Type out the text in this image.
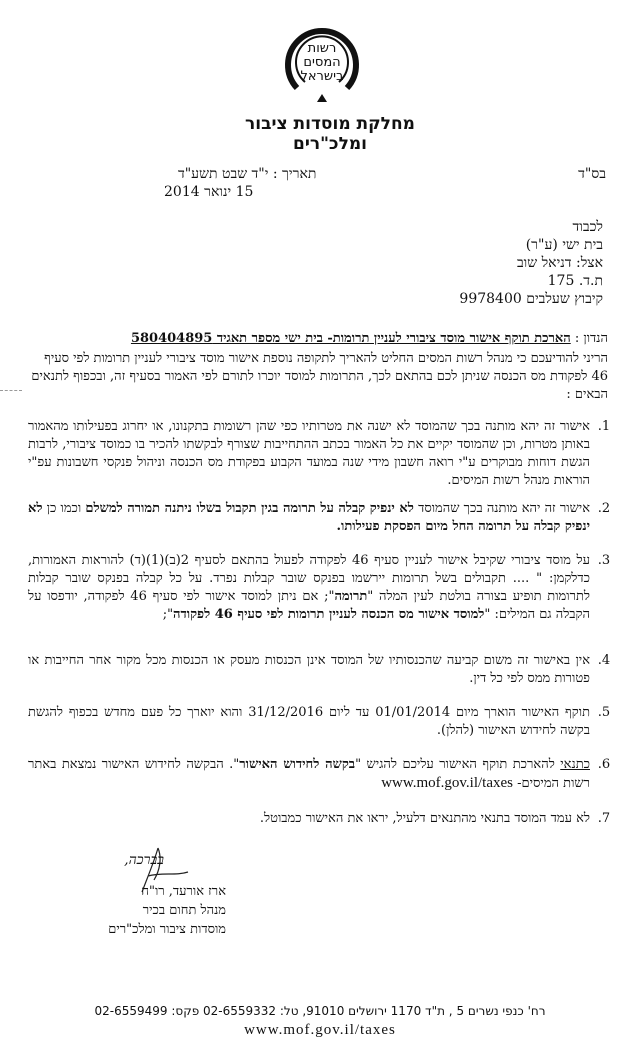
רשות
המסים
בישראל
מחלקת מוסדות ציבור ומלכ"רים
בס"ד
תאריך : י"ד שבט תשע"ד
15 ינואר 2014
לכבוד
בית ישי (ע"ר)
אצל: דניאל שוב
ת.ד. 175
קיבוץ שעלבים 9978400
הנדון : הארכת תוקף אישור מוסד ציבורי לעניין תרומות- בית ישי מספר תאגיד 580404895
הריני להודיעכם כי מנהל רשות המסים החליט להאריך לתקופה נוספת אישור מוסד ציבורי לעניין תרומות לפי סעיף 46 לפקודת מס הכנסה שניתן לכם בהתאם לכך, התרומות למוסד יוכרו לתורם לפי האמור בסעיף זה, ובכפוף לתנאים הבאים :
1.
אישור זה יהא מותנה בכך שהמוסד לא ישנה את מטרותיו כפי שהן רשומות בתקנונו, או יחרוג בפעילותו מהאמור באותן מטרות, וכן שהמוסד יקיים את כל האמור בכתב ההתחייבות שצורף לבקשתו להכיר בו כמוסד ציבורי, לרבות הגשת דוחות מבוקרים ע"י רואה חשבון מידי שנה במועד הקבוע בפקודת מס הכנסה וניהול פנקסי חשבונות עפ"י הוראות מנהל רשות המיסים.
2.
אישור זה יהא מותנה בכך שהמוסד לא ינפיק קבלה על תרומה בגין תקבול בשלו ניתנה תמורה למשלם וכמו כן לא ינפיק קבלה על תרומה החל מיום הפסקת פעילותו.
3.
על מוסד ציבורי שקיבל אישור לעניין סעיף 46 לפקודה לפעול בהתאם לסעיף 2(ב)(1)(ד) להוראות האמורות, כדלקמן: " .... תקבולים בשל תרומות יירשמו בפנקס שובר קבלות נפרד. על כל קבלה בפנקס שובר קבלות לתרומות תופיע בצורה בולטת לעין המלה "תרומה"; אם ניתן למוסד אישור לפי סעיף 46 לפקודה, יודפסו על הקבלה גם המילים: "למוסד אישור מס הכנסה לעניין תרומות לפי סעיף 46 לפקודה";
4.
אין באישור זה משום קביעה שהכנסותיו של המוסד אינן הכנסות מעסק או הכנסות מכל מקור אחר החייבות או פטורות ממס לפי כל דין.
5.
תוקף האישור הוארך מיום 01/01/2014 עד ליום 31/12/2016 והוא יוארך כל פעם מחדש בכפוף להגשת בקשה לחידוש האישור (להלן).
6.
כתנאי להארכת תוקף האישור עליכם להגיש "בקשה לחידוש האישור". הבקשה לחידוש האישור נמצאת באתר רשות המיסים- www.mof.gov.il/taxes
7.
לא עמד המוסד בתנאי מהתנאים דלעיל, יראו את האישור כמבוטל.
בברכה,
ארז אורעד, רו"ח
מנהל תחום בכיר
מוסדות ציבור ומלכ"רים
רח' כנפי נשרים 5 , ת"ד 1170 ירושלים 91010, טל: 02-6559332 פקס: 02-6559499
www.mof.gov.il/taxes
